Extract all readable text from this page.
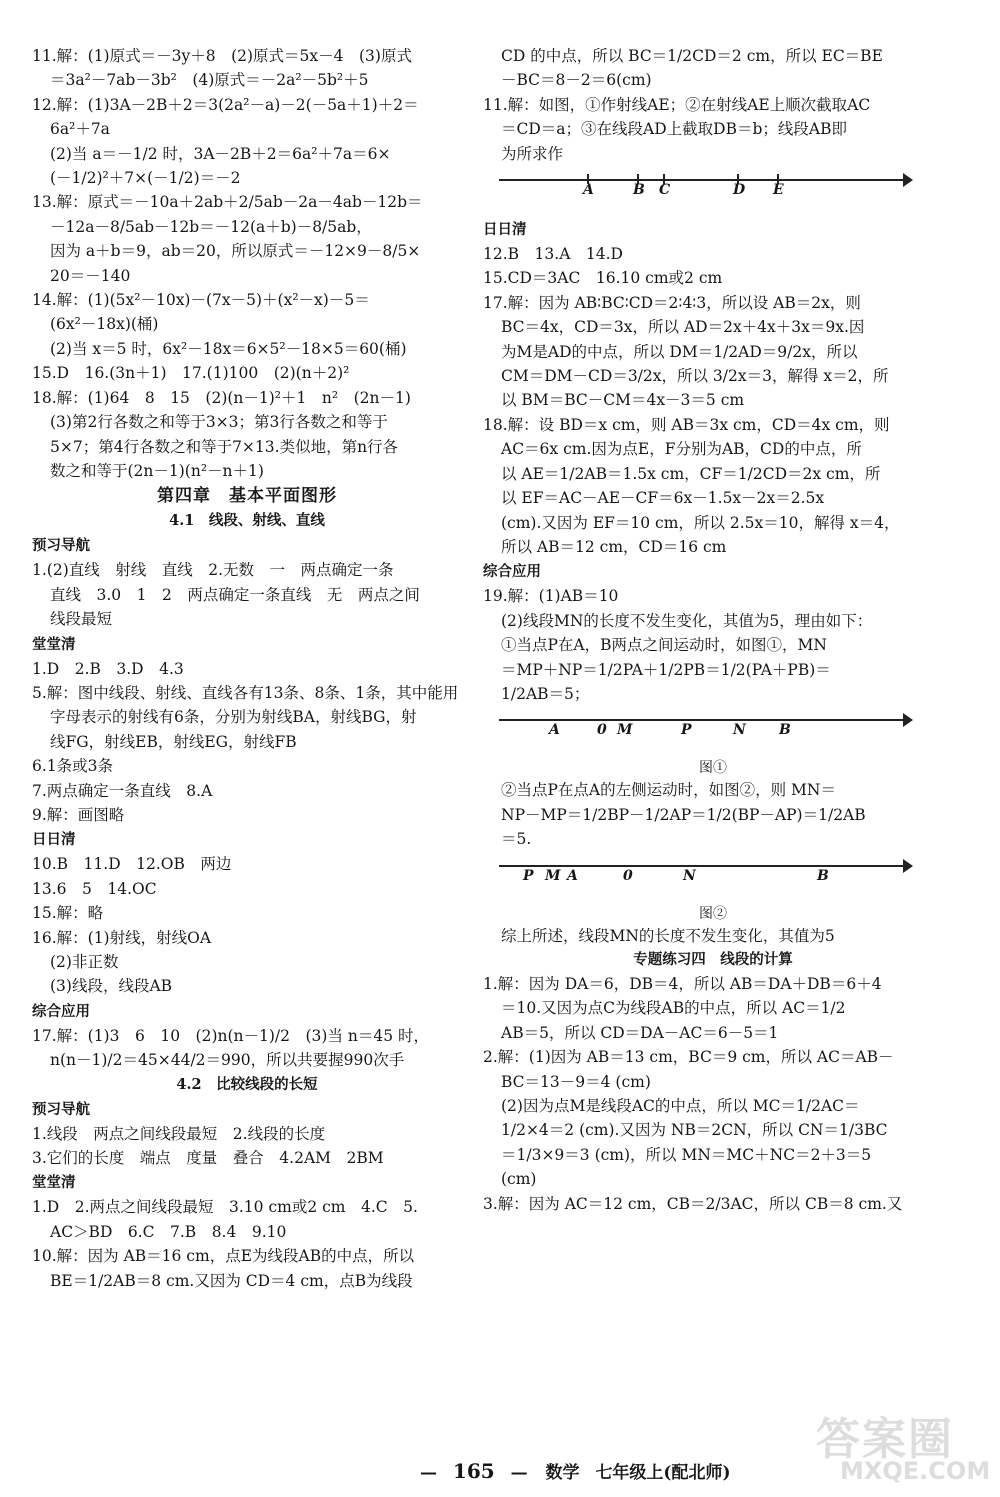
11.解：(1)原式＝－3y＋8　(2)原式＝5x－4　(3)原式
＝3a²－7ab－3b²　(4)原式＝－2a²－5b²＋5
12.解：(1)3A－2B＋2＝3(2a²－a)－2(－5a＋1)＋2＝
6a²＋7a
(2)当 a＝－1/2 时，3A－2B＋2＝6a²＋7a＝6×
(－1/2)²＋7×(－1/2)＝－2
13.解：原式＝－10a＋2ab＋2/5ab－2a－4ab－12b＝
－12a－8/5ab－12b＝－12(a＋b)－8/5ab，
因为 a＋b＝9，ab＝20，所以原式＝－12×9－8/5×
20＝－140
14.解：(1)(5x²－10x)－(7x－5)＋(x²－x)－5＝
(6x²－18x)(桶)
(2)当 x＝5 时，6x²－18x＝6×5²－18×5＝60(桶)
15.D　16.(3n＋1)　17.(1)100　(2)(n＋2)²
18.解：(1)64　8　15　(2)(n－1)²＋1　n²　(2n－1)
(3)第2行各数之和等于3×3；第3行各数之和等于
5×7；第4行各数之和等于7×13.类似地，第n行各
数之和等于(2n－1)(n²－n＋1)
第四章　基本平面图形
4.1　线段、射线、直线
预习导航
1.(2)直线　射线　直线　2.无数　一　两点确定一条
直线　3.0　1　2　两点确定一条直线　无　两点之间
线段最短
堂堂清
1.D　2.B　3.D　4.3
5.解：图中线段、射线、直线各有13条、8条、1条，其中能用
字母表示的射线有6条，分别为射线BA，射线BG，射
线FG，射线EB，射线EG，射线FB
6.1条或3条
7.两点确定一条直线　8.A
9.解：画图略
日日清
10.B　11.D　12.OB　两边
13.6　5　14.OC
15.解：略
16.解：(1)射线，射线OA
(2)非正数
(3)线段，线段AB
综合应用
17.解：(1)3　6　10　(2)n(n－1)/2　(3)当 n＝45 时，
n(n－1)/2＝45×44/2＝990，所以共要握990次手
4.2　比较线段的长短
预习导航
1.线段　两点之间线段最短　2.线段的长度
3.它们的长度　端点　度量　叠合　4.2AM　2BM
堂堂清
1.D　2.两点之间线段最短　3.10 cm或2 cm　4.C　5.
AC＞BD　6.C　7.B　8.4　9.10
10.解：因为 AB＝16 cm，点E为线段AB的中点，所以
BE＝1/2AB＝8 cm.又因为 CD＝4 cm，点B为线段
CD 的中点，所以 BC＝1/2CD＝2 cm，所以 EC＝BE
－BC＝8－2＝6(cm)
11.解：如图，①作射线AE；②在射线AE上顺次截取AC
＝CD＝a；③在线段AD上截取DB＝b；线段AB即
为所求作
A	B C	D E
日日清
12.B　13.A　14.D
15.CD＝3AC　16.10 cm或2 cm
17.解：因为 AB∶BC∶CD＝2∶4∶3，所以设 AB＝2x，则
BC＝4x，CD＝3x，所以 AD＝2x＋4x＋3x＝9x.因
为M是AD的中点，所以 DM＝1/2AD＝9/2x，所以
CM＝DM－CD＝3/2x，所以 3/2x＝3，解得 x＝2，所
以 BM＝BC－CM＝4x－3＝5 cm
18.解：设 BD＝x cm，则 AB＝3x cm，CD＝4x cm，则
AC＝6x cm.因为点E，F分别为AB，CD的中点，所
以 AE＝1/2AB＝1.5x cm，CF＝1/2CD＝2x cm，所
以 EF＝AC－AE－CF＝6x－1.5x－2x＝2.5x
(cm).又因为 EF＝10 cm，所以 2.5x＝10，解得 x＝4，
所以 AB＝12 cm，CD＝16 cm
综合应用
19.解：(1)AB＝10
(2)线段MN的长度不发生变化，其值为5，理由如下：
①当点P在A，B两点之间运动时，如图①，MN
＝MP＋NP＝1/2PA＋1/2PB＝1/2(PA＋PB)＝
1/2AB＝5；
A	0 M	P	N B
图①
②当点P在点A的左侧运动时，如图②，则 MN＝
NP－MP＝1/2BP－1/2AP＝1/2(BP－AP)＝1/2AB
＝5.
P M A	0	N	B
图②
综上所述，线段MN的长度不发生变化，其值为5
专题练习四　线段的计算
1.解：因为 DA＝6，DB＝4，所以 AB＝DA＋DB＝6＋4
＝10.又因为点C为线段AB的中点，所以 AC＝1/2
AB＝5，所以 CD＝DA－AC＝6－5＝1
2.解：(1)因为 AB＝13 cm，BC＝9 cm，所以 AC＝AB－
BC＝13－9＝4 (cm)
(2)因为点M是线段AC的中点，所以 MC＝1/2AC＝
1/2×4＝2 (cm).又因为 NB＝2CN，所以 CN＝1/3BC
＝1/3×9＝3 (cm)，所以 MN＝MC＋NC＝2＋3＝5
(cm)
3.解：因为 AC＝12 cm，CB＝2/3AC，所以 CB＝8 cm.又
— 165 — 数学 七年级上(配北师)
答案圈
MXQE.COM
